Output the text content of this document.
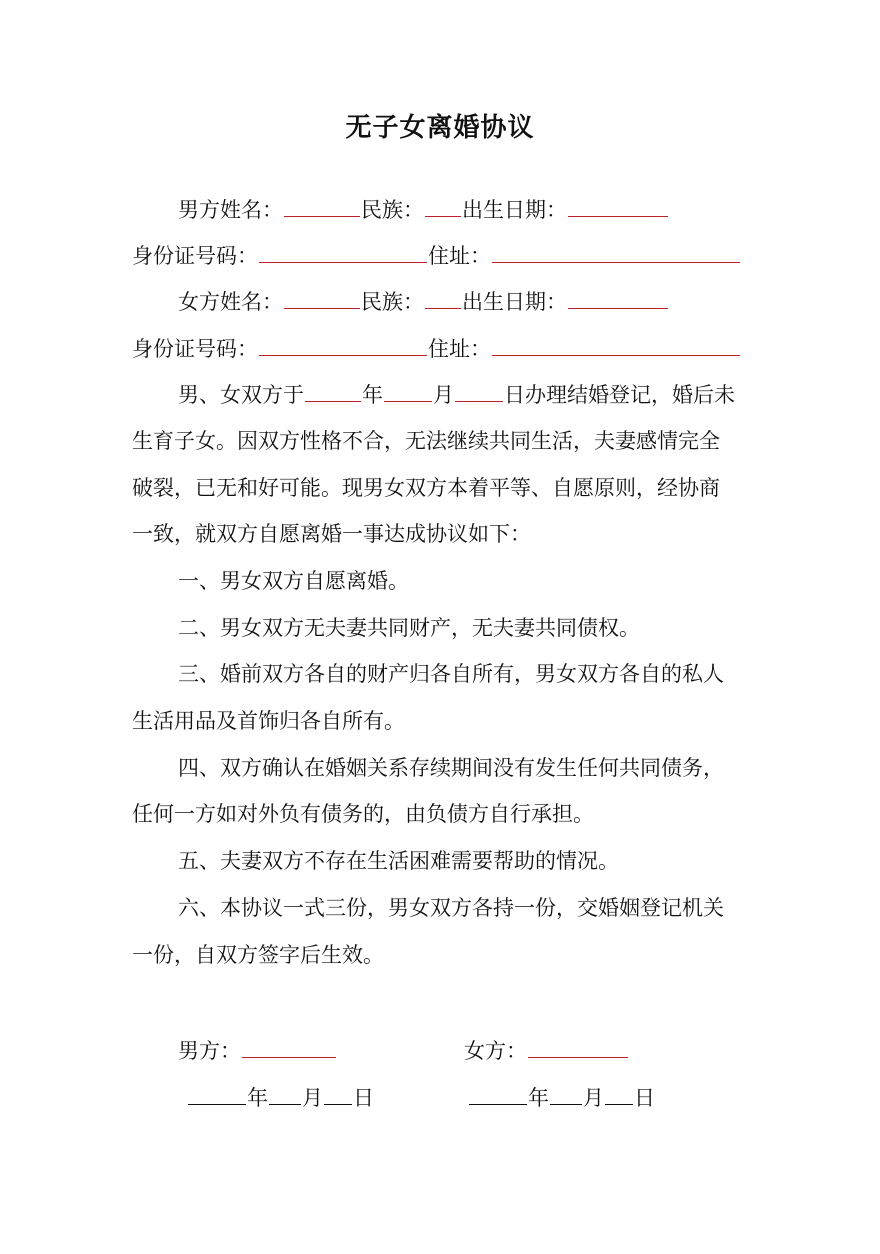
无子女离婚协议
男方姓名：	民族： 出生日期：
身份证号码：	住址：
女方姓名：	民族： 出生日期：
身份证号码：	住址：
男、女双方于	年 月 日办理结婚登记，婚后未
生育子女。因双方性格不合，无法继续共同生活，夫妻感情完全
破裂，已无和好可能。现男女双方本着平等、自愿原则，经协商
一致，就双方自愿离婚一事达成协议如下：
一、男女双方自愿离婚。
二、男女双方无夫妻共同财产，无夫妻共同债权。
三、婚前双方各自的财产归各自所有，男女双方各自的私人
生活用品及首饰归各自所有。
四、双方确认在婚姻关系存续期间没有发生任何共同债务，
任何一方如对外负有债务的，由负债方自行承担。
五、夫妻双方不存在生活困难需要帮助的情况。
六、本协议一式三份，男女双方各持一份，交婚姻登记机关
一份，自双方签字后生效。
男方：	女方：
年 月 日	年 月 日
